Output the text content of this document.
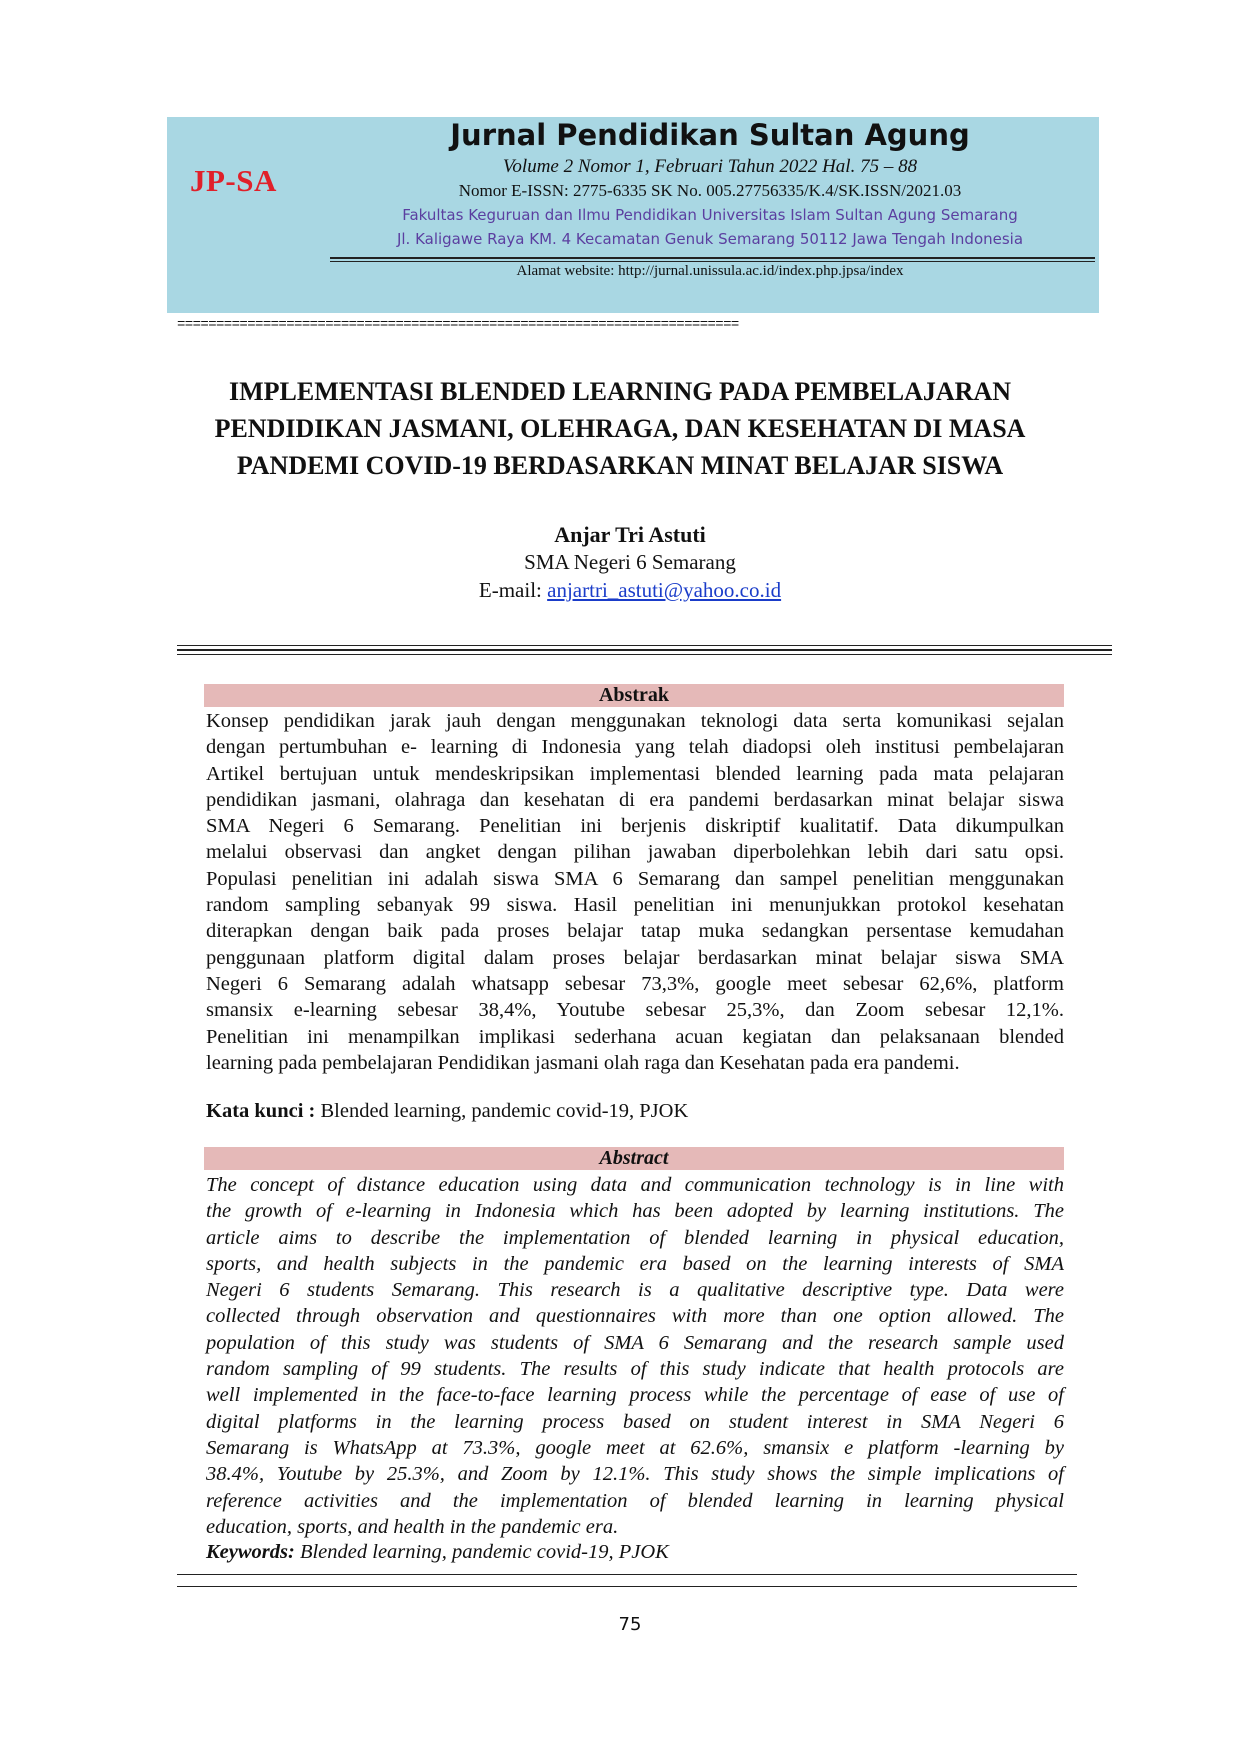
JP-SA
Jurnal Pendidikan Sultan Agung
Volume 2 Nomor 1, Februari Tahun 2022 Hal. 75 – 88
Nomor E-ISSN: 2775-6335 SK No. 005.27756335/K.4/SK.ISSN/2021.03
Fakultas Keguruan dan Ilmu Pendidikan Universitas Islam Sultan Agung Semarang
Jl. Kaligawe Raya KM. 4 Kecamatan Genuk Semarang 50112 Jawa Tengah Indonesia
Alamat website: http://jurnal.unissula.ac.id/index.php.jpsa/index
========================================================================
IMPLEMENTASI BLENDED LEARNING PADA PEMBELAJARAN
PENDIDIKAN JASMANI, OLEHRAGA, DAN KESEHATAN DI MASA
PANDEMI COVID-19 BERDASARKAN MINAT BELAJAR SISWA
Anjar Tri Astuti
SMA Negeri 6 Semarang
E-mail: anjartri_astuti@yahoo.co.id
Abstrak
Konsep pendidikan jarak jauh dengan menggunakan teknologi data serta komunikasi sejalan
dengan pertumbuhan e- learning di Indonesia yang telah diadopsi oleh institusi pembelajaran
Artikel bertujuan untuk mendeskripsikan implementasi blended learning pada mata pelajaran
pendidikan jasmani, olahraga dan kesehatan di era pandemi berdasarkan minat belajar siswa
SMA Negeri 6 Semarang. Penelitian ini berjenis diskriptif kualitatif. Data dikumpulkan
melalui observasi dan angket dengan pilihan jawaban diperbolehkan lebih dari satu opsi.
Populasi penelitian ini adalah siswa SMA 6 Semarang dan sampel penelitian menggunakan
random sampling sebanyak 99 siswa. Hasil penelitian ini menunjukkan protokol kesehatan
diterapkan dengan baik pada proses belajar tatap muka sedangkan persentase kemudahan
penggunaan platform digital dalam proses belajar berdasarkan minat belajar siswa SMA
Negeri 6 Semarang adalah whatsapp sebesar 73,3%, google meet sebesar 62,6%, platform
smansix e-learning sebesar 38,4%, Youtube sebesar 25,3%, dan Zoom sebesar 12,1%.
Penelitian ini menampilkan implikasi sederhana acuan kegiatan dan pelaksanaan blended
learning pada pembelajaran Pendidikan jasmani olah raga dan Kesehatan pada era pandemi.
Kata kunci : Blended learning, pandemic covid-19, PJOK
Abstract
The concept of distance education using data and communication technology is in line with
the growth of e-learning in Indonesia which has been adopted by learning institutions. The
article aims to describe the implementation of blended learning in physical education,
sports, and health subjects in the pandemic era based on the learning interests of SMA
Negeri 6 students Semarang. This research is a qualitative descriptive type. Data were
collected through observation and questionnaires with more than one option allowed. The
population of this study was students of SMA 6 Semarang and the research sample used
random sampling of 99 students. The results of this study indicate that health protocols are
well implemented in the face-to-face learning process while the percentage of ease of use of
digital platforms in the learning process based on student interest in SMA Negeri 6
Semarang is WhatsApp at 73.3%, google meet at 62.6%, smansix e platform -learning by
38.4%, Youtube by 25.3%, and Zoom by 12.1%. This study shows the simple implications of
reference activities and the implementation of blended learning in learning physical
education, sports, and health in the pandemic era.
Keywords: Blended learning, pandemic covid-19, PJOK
75
